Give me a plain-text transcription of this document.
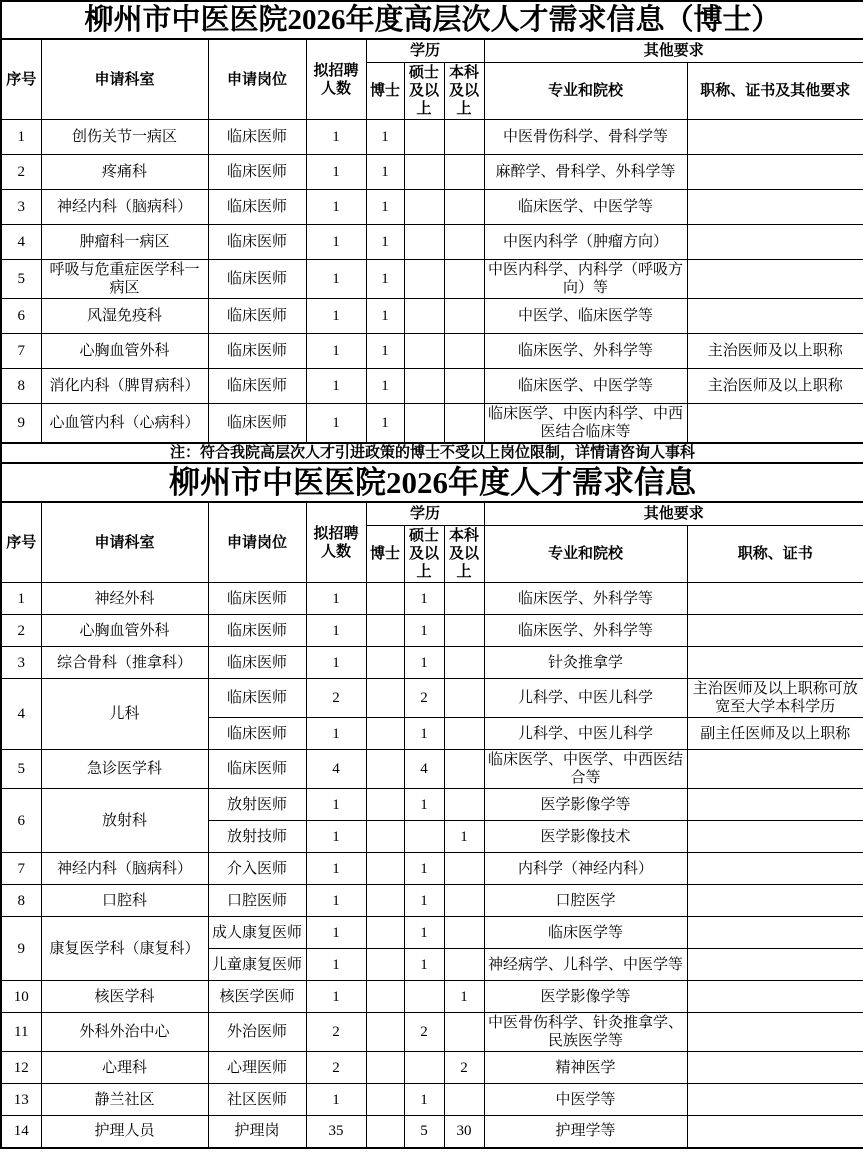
柳州市中医医院2026年度高层次人才需求信息（博士）								
序号	申请科室	申请岗位	拟招聘人数	学历			其他要求	
				博士	硕士及以上	本科及以上	专业和院校	职称、证书及其他要求
1	创伤关节一病区	临床医师	1	1			中医骨伤科学、骨科学等	
2	疼痛科	临床医师	1	1			麻醉学、骨科学、外科学等	
3	神经内科（脑病科）	临床医师	1	1			临床医学、中医学等	
4	肿瘤科一病区	临床医师	1	1			中医内科学（肿瘤方向）	
5	呼吸与危重症医学科一病区	临床医师	1	1			中医内科学、内科学（呼吸方向）等	
6	风湿免疫科	临床医师	1	1			中医学、临床医学等	
7	心胸血管外科	临床医师	1	1			临床医学、外科学等	主治医师及以上职称
8	消化内科（脾胃病科）	临床医师	1	1			临床医学、中医学等	主治医师及以上职称
9	心血管内科（心病科）	临床医师	1	1			临床医学、中医内科学、中西医结合临床等	
注：符合我院高层次人才引进政策的博士不受以上岗位限制，详情请咨询人事科								
柳州市中医医院2026年度人才需求信息								
序号	申请科室	申请岗位	拟招聘人数	学历			其他要求	
				博士	硕士及以上	本科及以上	专业和院校	职称、证书
1	神经外科	临床医师	1		1		临床医学、外科学等	
2	心胸血管外科	临床医师	1		1		临床医学、外科学等	
3	综合骨科（推拿科）	临床医师	1		1		针灸推拿学	
4	儿科	临床医师	2		2		儿科学、中医儿科学	主治医师及以上职称可放宽至大学本科学历
		临床医师	1		1		儿科学、中医儿科学	副主任医师及以上职称
5	急诊医学科	临床医师	4		4		临床医学、中医学、中西医结合等	
6	放射科	放射医师	1		1		医学影像学等	
		放射技师	1			1	医学影像技术	
7	神经内科（脑病科）	介入医师	1		1		内科学（神经内科）	
8	口腔科	口腔医师	1		1		口腔医学	
9	康复医学科（康复科）	成人康复医师	1		1		临床医学等	
		儿童康复医师	1		1		神经病学、儿科学、中医学等	
10	核医学科	核医学医师	1			1	医学影像学等	
11	外科外治中心	外治医师	2		2		中医骨伤科学、针灸推拿学、民族医学等	
12	心理科	心理医师	2			2	精神医学	
13	静兰社区	社区医师	1		1		中医学等	
14	护理人员	护理岗	35		5	30	护理学等	
